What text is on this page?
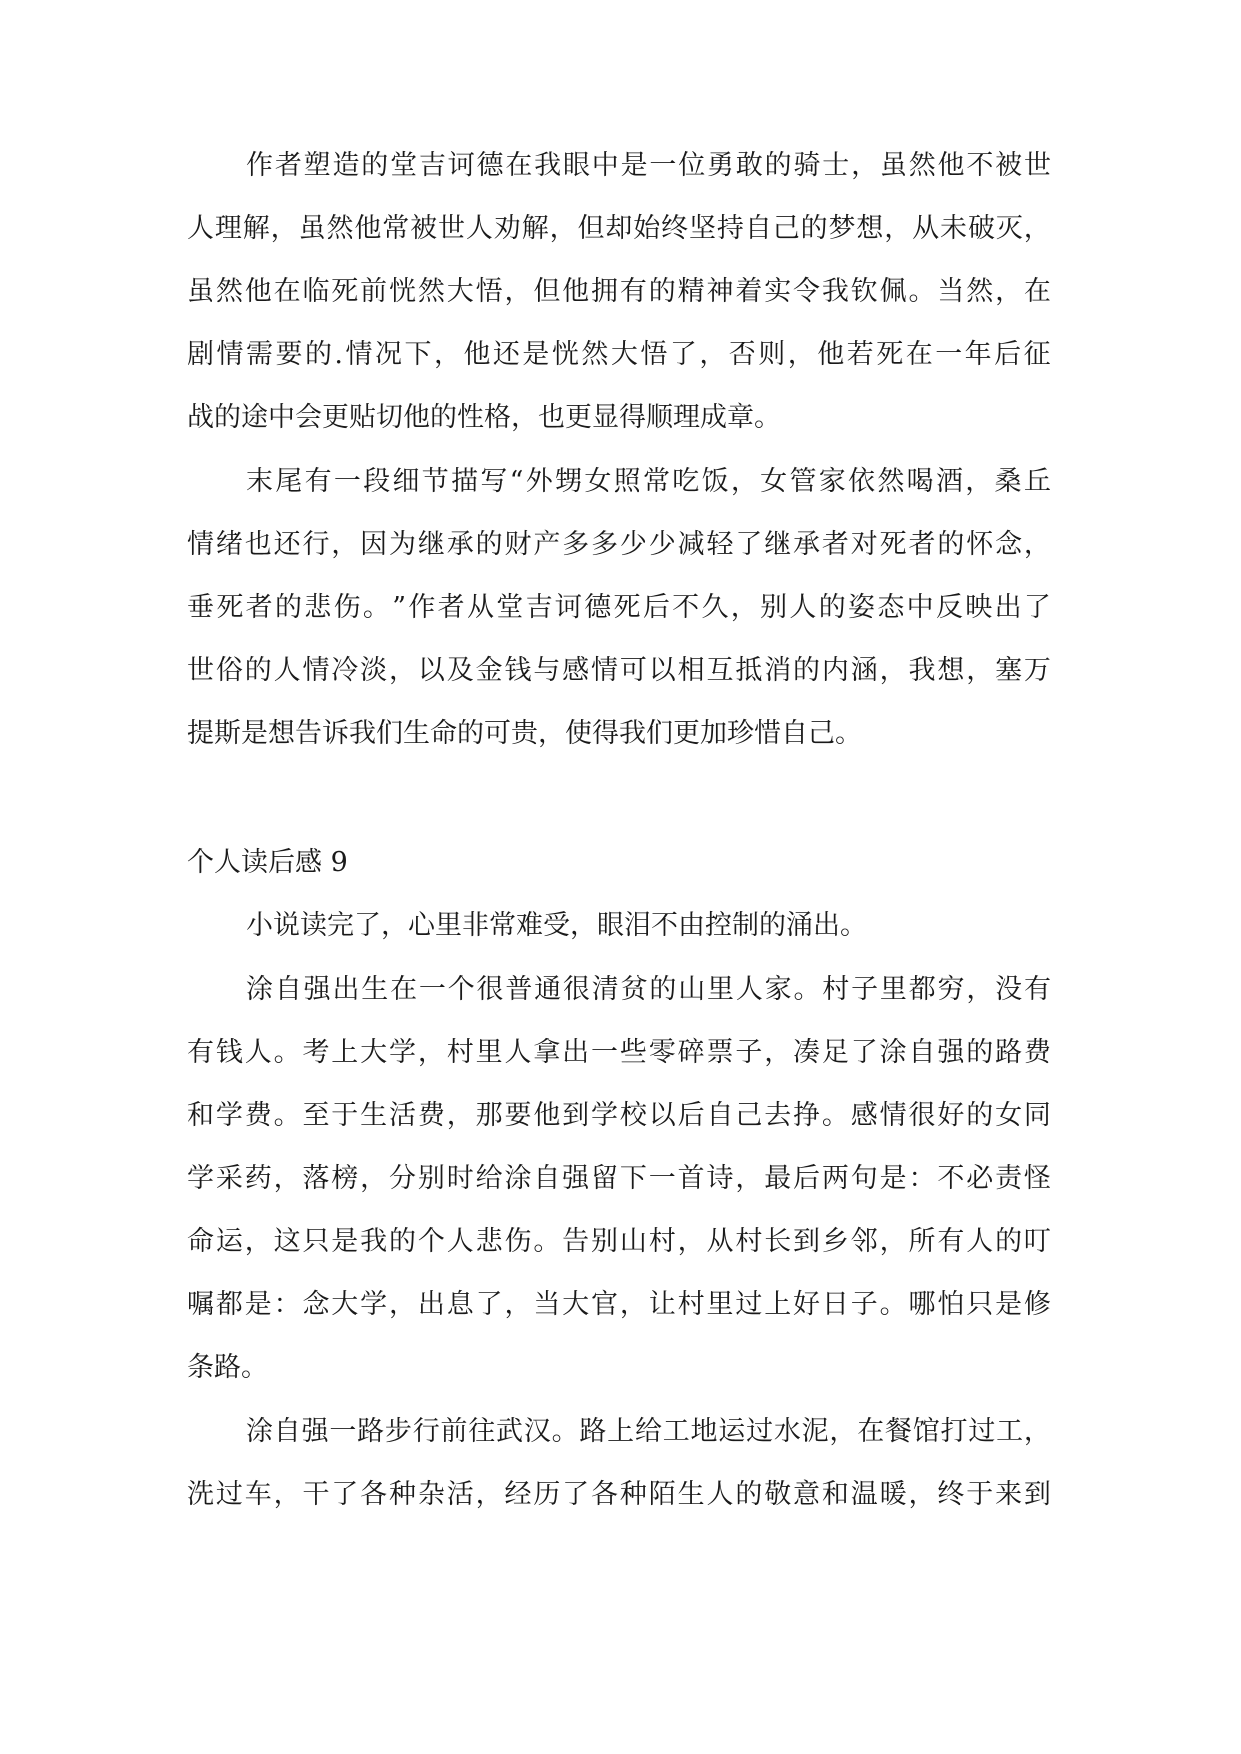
作 者 塑 造 的 堂 吉 诃 德 在 我 眼 中 是 一 位 勇 敢 的 骑 士 ， 虽 然 他 不 被 世
人 理 解 ， 虽 然 他 常 被 世 人 劝 解 ， 但 却 始 终 坚 持 自 己 的 梦 想 ， 从 未 破 灭 ，
虽 然 他 在 临 死 前 恍 然 大 悟 ， 但 他 拥 有 的 精 神 着 实 令 我 钦 佩 。 当 然 ， 在
剧 情 需 要 的 . 情 况 下 ， 他 还 是 恍 然 大 悟 了 ， 否 则 ， 他 若 死 在 一 年 后 征
战的途中会更贴切他的性格，也更显得顺理成章。
末 尾 有 一 段 细 节 描 写 “ 外 甥 女 照 常 吃 饭 ， 女 管 家 依 然 喝 酒 ， 桑 丘
情 绪 也 还 行 ， 因 为 继 承 的 财 产 多 多 少 少 减 轻 了 继 承 者 对 死 者 的 怀 念 ，
垂 死 者 的 悲 伤 。 ” 作 者 从 堂 吉 诃 德 死 后 不 久 ， 别 人 的 姿 态 中 反 映 出 了
世 俗 的 人 情 冷 淡 ， 以 及 金 钱 与 感 情 可 以 相 互 抵 消 的 内 涵 ， 我 想 ， 塞 万
提斯是想告诉我们生命的可贵，使得我们更加珍惜自己。
个人读后感 9
小说读完了，心里非常难受，眼泪不由控制的涌出。
涂 自 强 出 生 在 一 个 很 普 通 很 清 贫 的 山 里 人 家 。 村 子 里 都 穷 ， 没 有
有 钱 人 。 考 上 大 学 ， 村 里 人 拿 出 一 些 零 碎 票 子 ， 凑 足 了 涂 自 强 的 路 费
和 学 费 。 至 于 生 活 费 ， 那 要 他 到 学 校 以 后 自 己 去 挣 。 感 情 很 好 的 女 同
学 采 药 ， 落 榜 ， 分 别 时 给 涂 自 强 留 下 一 首 诗 ， 最 后 两 句 是 ： 不 必 责 怪
命 运 ， 这 只 是 我 的 个 人 悲 伤 。 告 别 山 村 ， 从 村 长 到 乡 邻 ， 所 有 人 的 叮
嘱 都 是 ： 念 大 学 ， 出 息 了 ， 当 大 官 ， 让 村 里 过 上 好 日 子 。 哪 怕 只 是 修
条路。
涂 自 强 一 路 步 行 前 往 武 汉 。 路 上 给 工 地 运 过 水 泥 ， 在 餐 馆 打 过 工 ，
洗 过 车 ， 干 了 各 种 杂 活 ， 经 历 了 各 种 陌 生 人 的 敬 意 和 温 暖 ， 终 于 来 到
